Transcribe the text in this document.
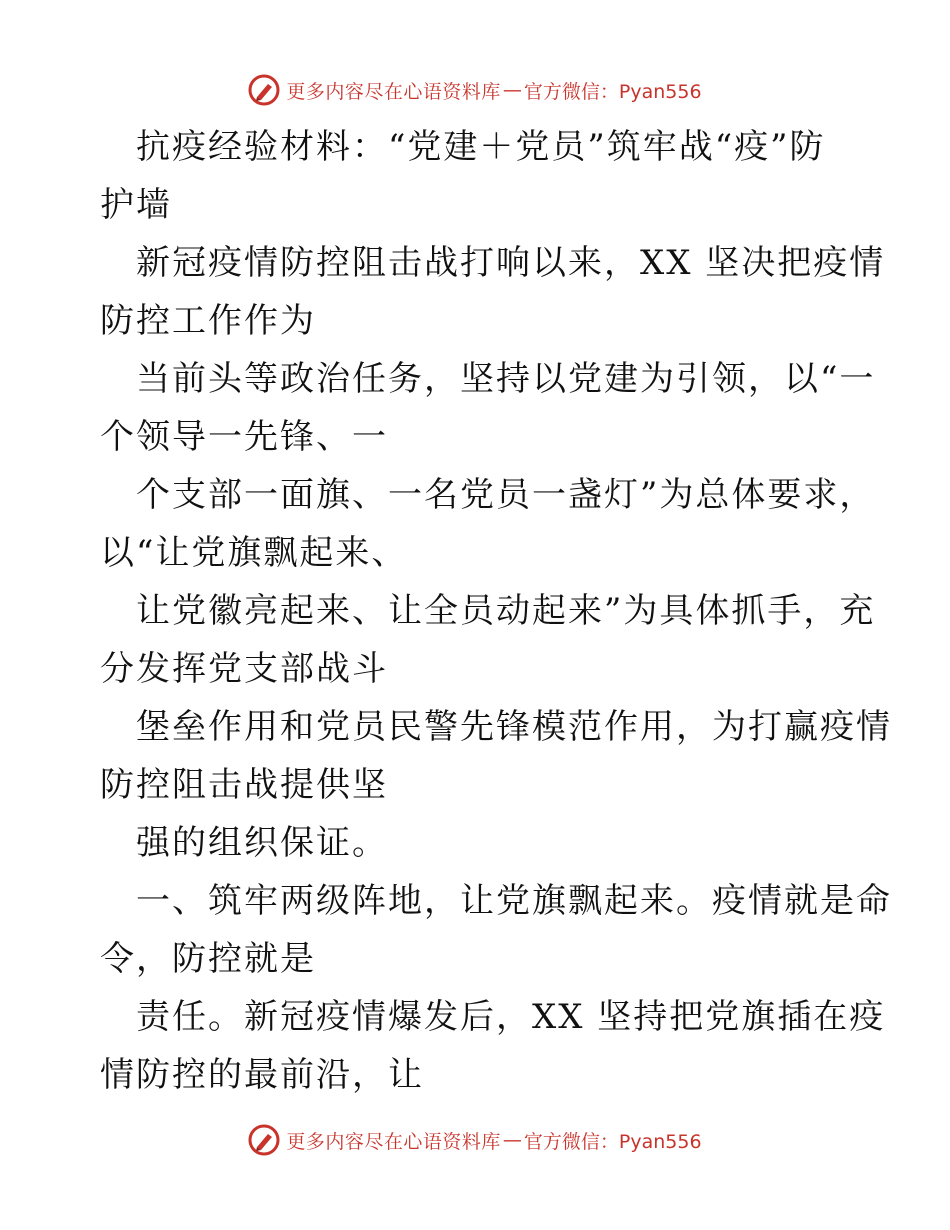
更多内容尽在心语资料库 — 官方微信：Pyan556
抗疫经验材料：“党建＋党员”筑牢战“疫”防
护墙
新冠疫情防控阻击战打响以来，XX 坚决把疫情
防控工作作为
当前头等政治任务，坚持以党建为引领，以“一
个领导一先锋、一
个支部一面旗、一名党员一盏灯”为总体要求，
以“让党旗飘起来、
让党徽亮起来、让全员动起来”为具体抓手，充
分发挥党支部战斗
堡垒作用和党员民警先锋模范作用，为打赢疫情
防控阻击战提供坚
强的组织保证。
一、筑牢两级阵地，让党旗飘起来。疫情就是命
令，防控就是
责任。新冠疫情爆发后，XX 坚持把党旗插在疫
情防控的最前沿，让
更多内容尽在心语资料库 — 官方微信：Pyan556
